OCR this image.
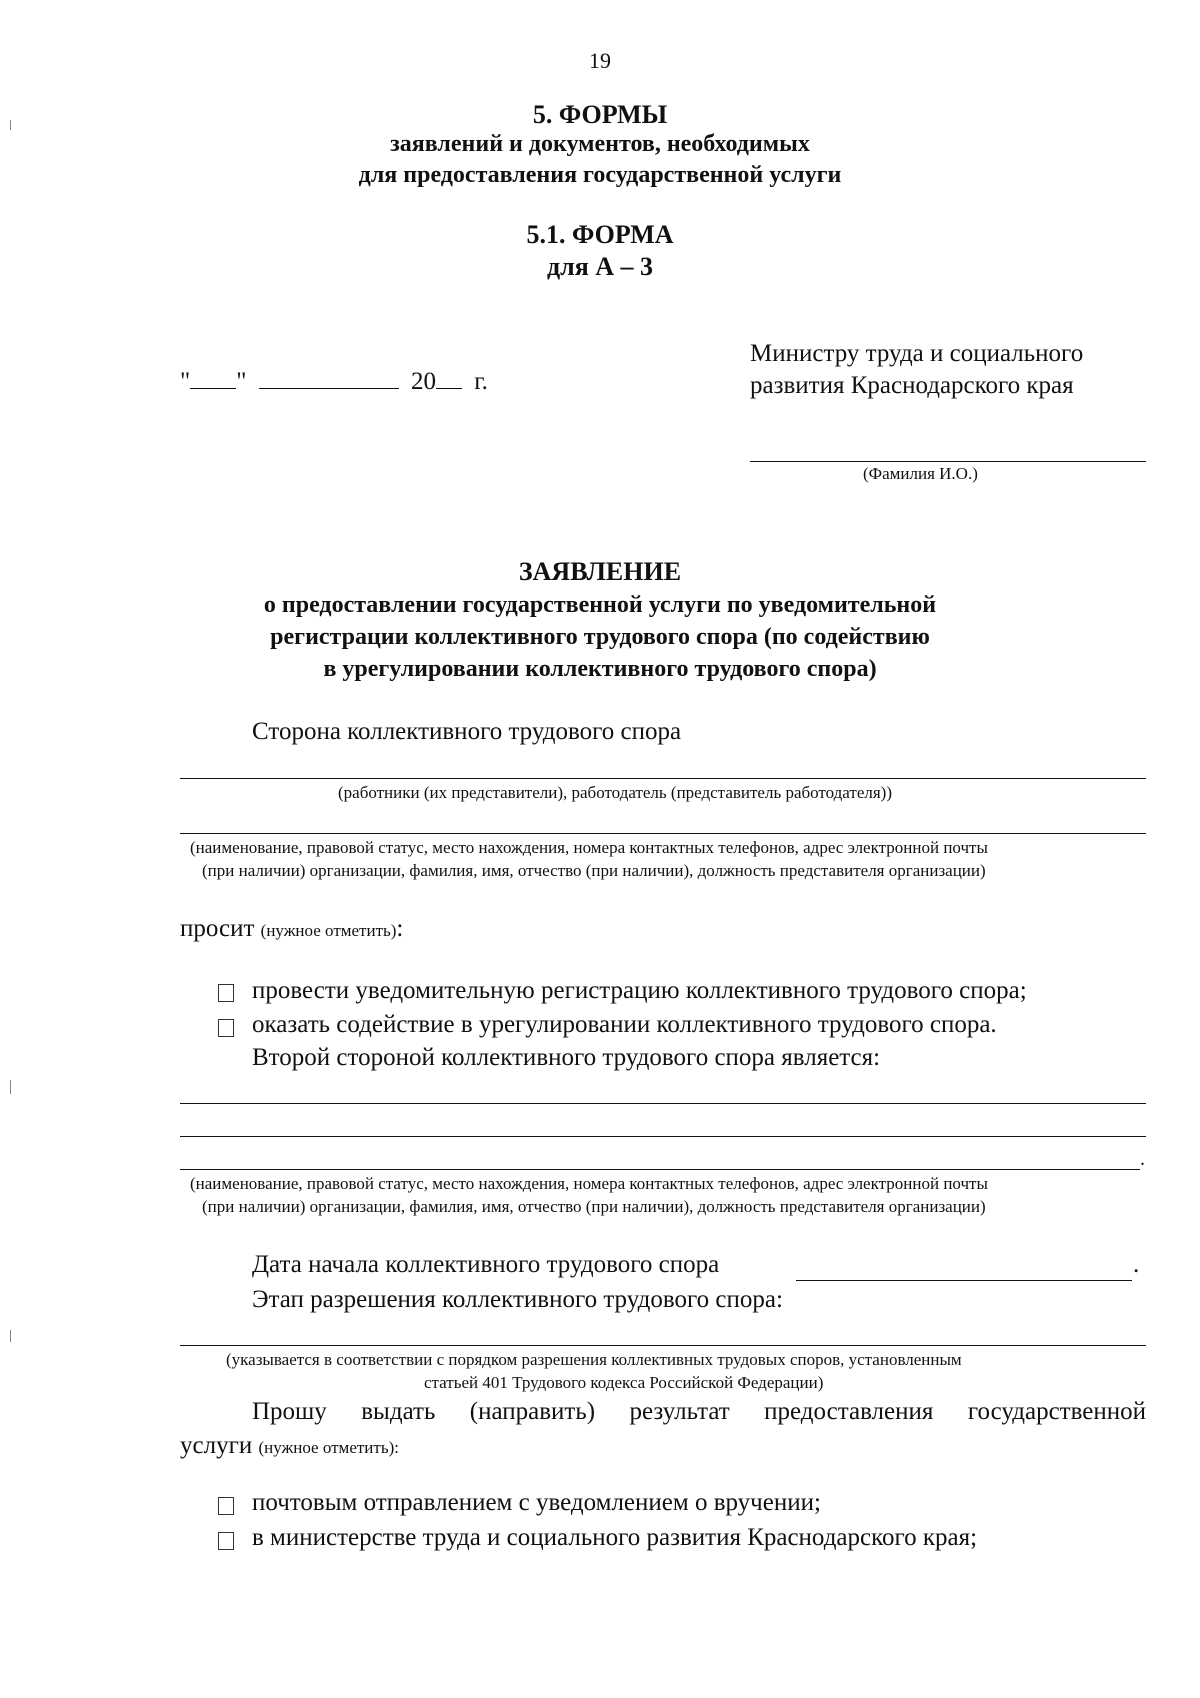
19
5. ФОРМЫ
заявлений и документов, необходимых
для предоставления государственной услуги
5.1. ФОРМА
для А – 3
" "	20 г.
Министру труда и социального
развития Краснодарского края
(Фамилия И.О.)
ЗАЯВЛЕНИЕ
о предоставлении государственной услуги по уведомительной
регистрации коллективного трудового спора (по содействию
в урегулировании коллективного трудового спора)
Сторона коллективного трудового спора
(работники (их представители), работодатель (представитель работодателя))
(наименование, правовой статус, место нахождения, номера контактных телефонов, адрес электронной почты
(при наличии) организации, фамилия, имя, отчество (при наличии), должность представителя организации)
просит (нужное отметить):
провести уведомительную регистрацию коллективного трудового спора;
оказать содействие в урегулировании коллективного трудового спора.
Второй стороной коллективного трудового спора является:
.
(наименование, правовой статус, место нахождения, номера контактных телефонов, адрес электронной почты
(при наличии) организации, фамилия, имя, отчество (при наличии), должность представителя организации)
Дата начала коллективного трудового спора	.
Этап разрешения коллективного трудового спора:
(указывается в соответствии с порядком разрешения коллективных трудовых споров, установленным
статьей 401 Трудового кодекса Российской Федерации)
Прошу выдать (направить) результат предоставления государственной
услуги (нужное отметить):
почтовым отправлением с уведомлением о вручении;
в министерстве труда и социального развития Краснодарского края;
